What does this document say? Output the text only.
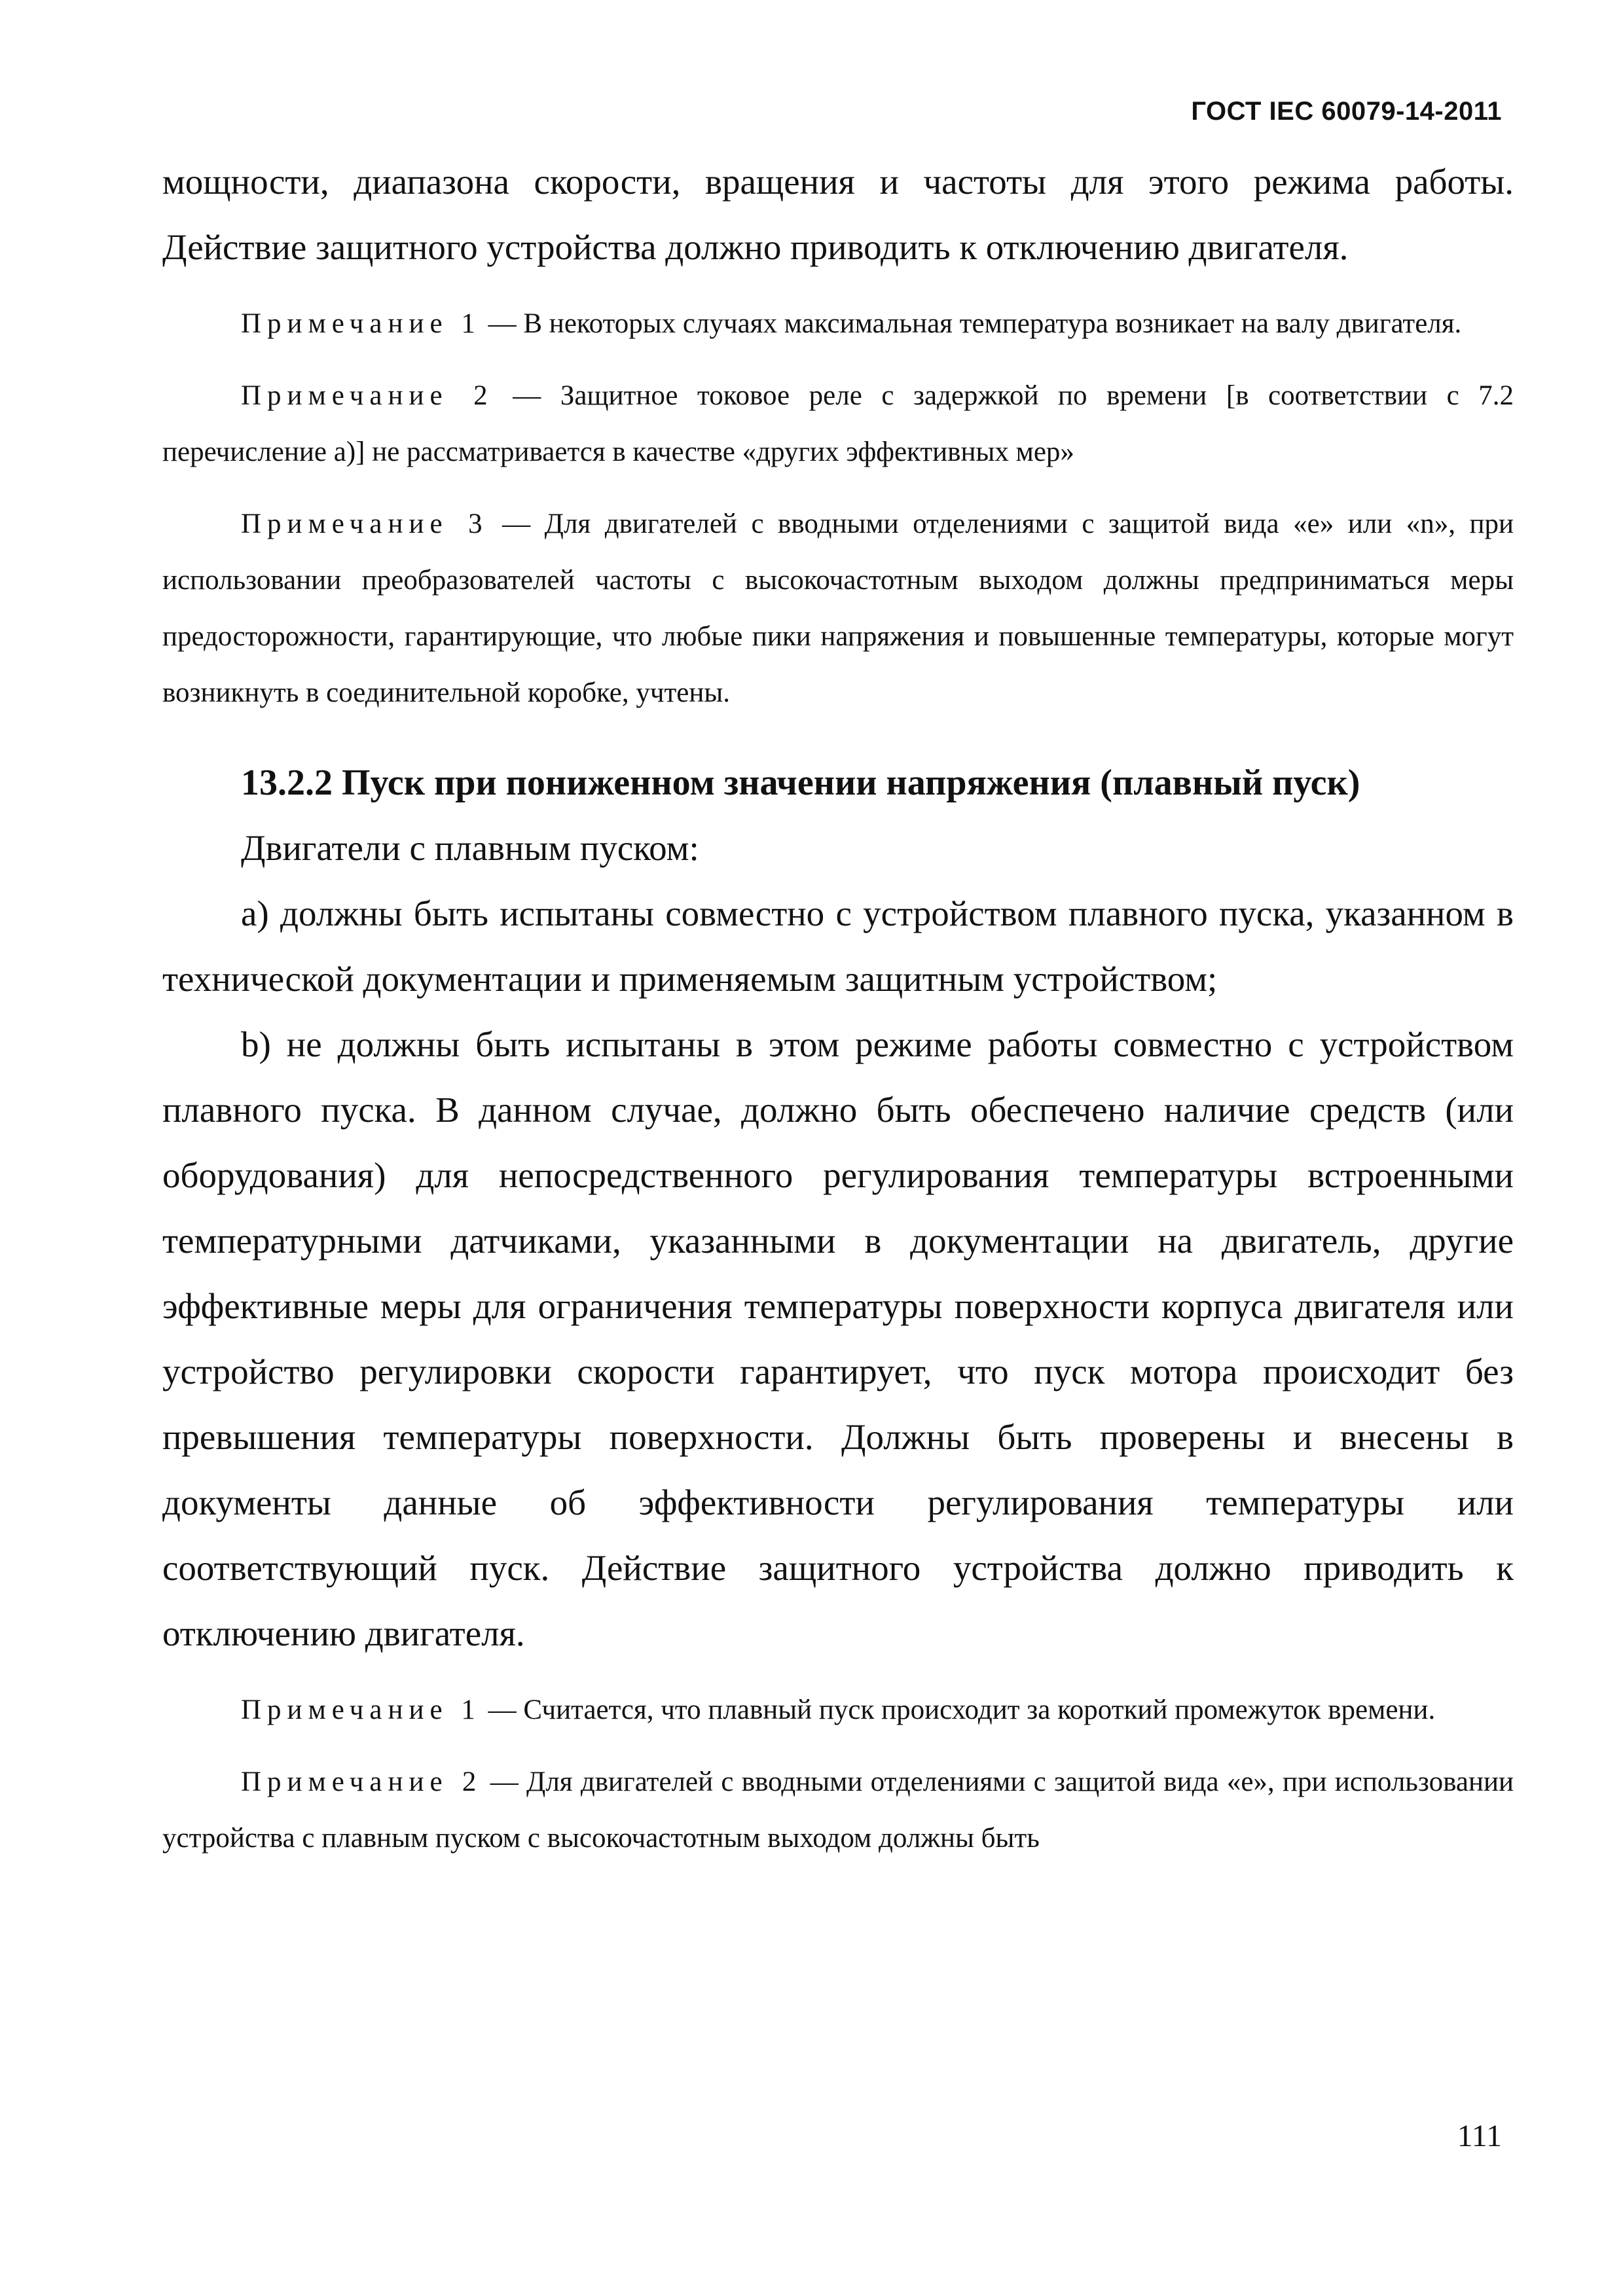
ГОСТ IEC 60079-14-2011

мощности, диапазона скорости, вращения и частоты для этого режима работы. Действие защитного устройства должно приводить к отключению двигателя.

Примечание 1 — В некоторых случаях максимальная температура возникает на валу двигателя.

Примечание 2 — Защитное токовое реле с задержкой по времени [в соответствии с 7.2 перечисление а)] не рассматривается в качестве «других эффективных мер»

Примечание 3 — Для двигателей с вводными отделениями с защитой вида «е» или «n», при использовании преобразователей частоты с высокочастотным выходом должны предприниматься меры предосторожности, гарантирующие, что любые пики напряжения и повышенные температуры, которые могут возникнуть в соединительной коробке, учтены.

13.2.2 Пуск при пониженном значении напряжения (плавный пуск)

Двигатели с плавным пуском:

а) должны быть испытаны совместно с устройством плавного пуска, указанном в технической документации и применяемым защитным устройством;

b) не должны быть испытаны в этом режиме работы совместно с устройством плавного пуска. В данном случае, должно быть обеспечено наличие средств (или оборудования) для непосредственного регулирования температуры встроенными температурными датчиками, указанными в документации на двигатель, другие эффективные меры для ограничения температуры поверхности корпуса двигателя или устройство регулировки скорости гарантирует, что пуск мотора происходит без превышения температуры поверхности. Должны быть проверены и внесены в документы данные об эффективности регулирования температуры или соответствующий пуск. Действие защитного устройства должно приводить к отключению двигателя.

Примечание 1 — Считается, что плавный пуск происходит за короткий промежуток времени.

Примечание 2 — Для двигателей с вводными отделениями с защитой вида «е», при использовании устройства с плавным пуском с высокочастотным выходом должны быть

111
